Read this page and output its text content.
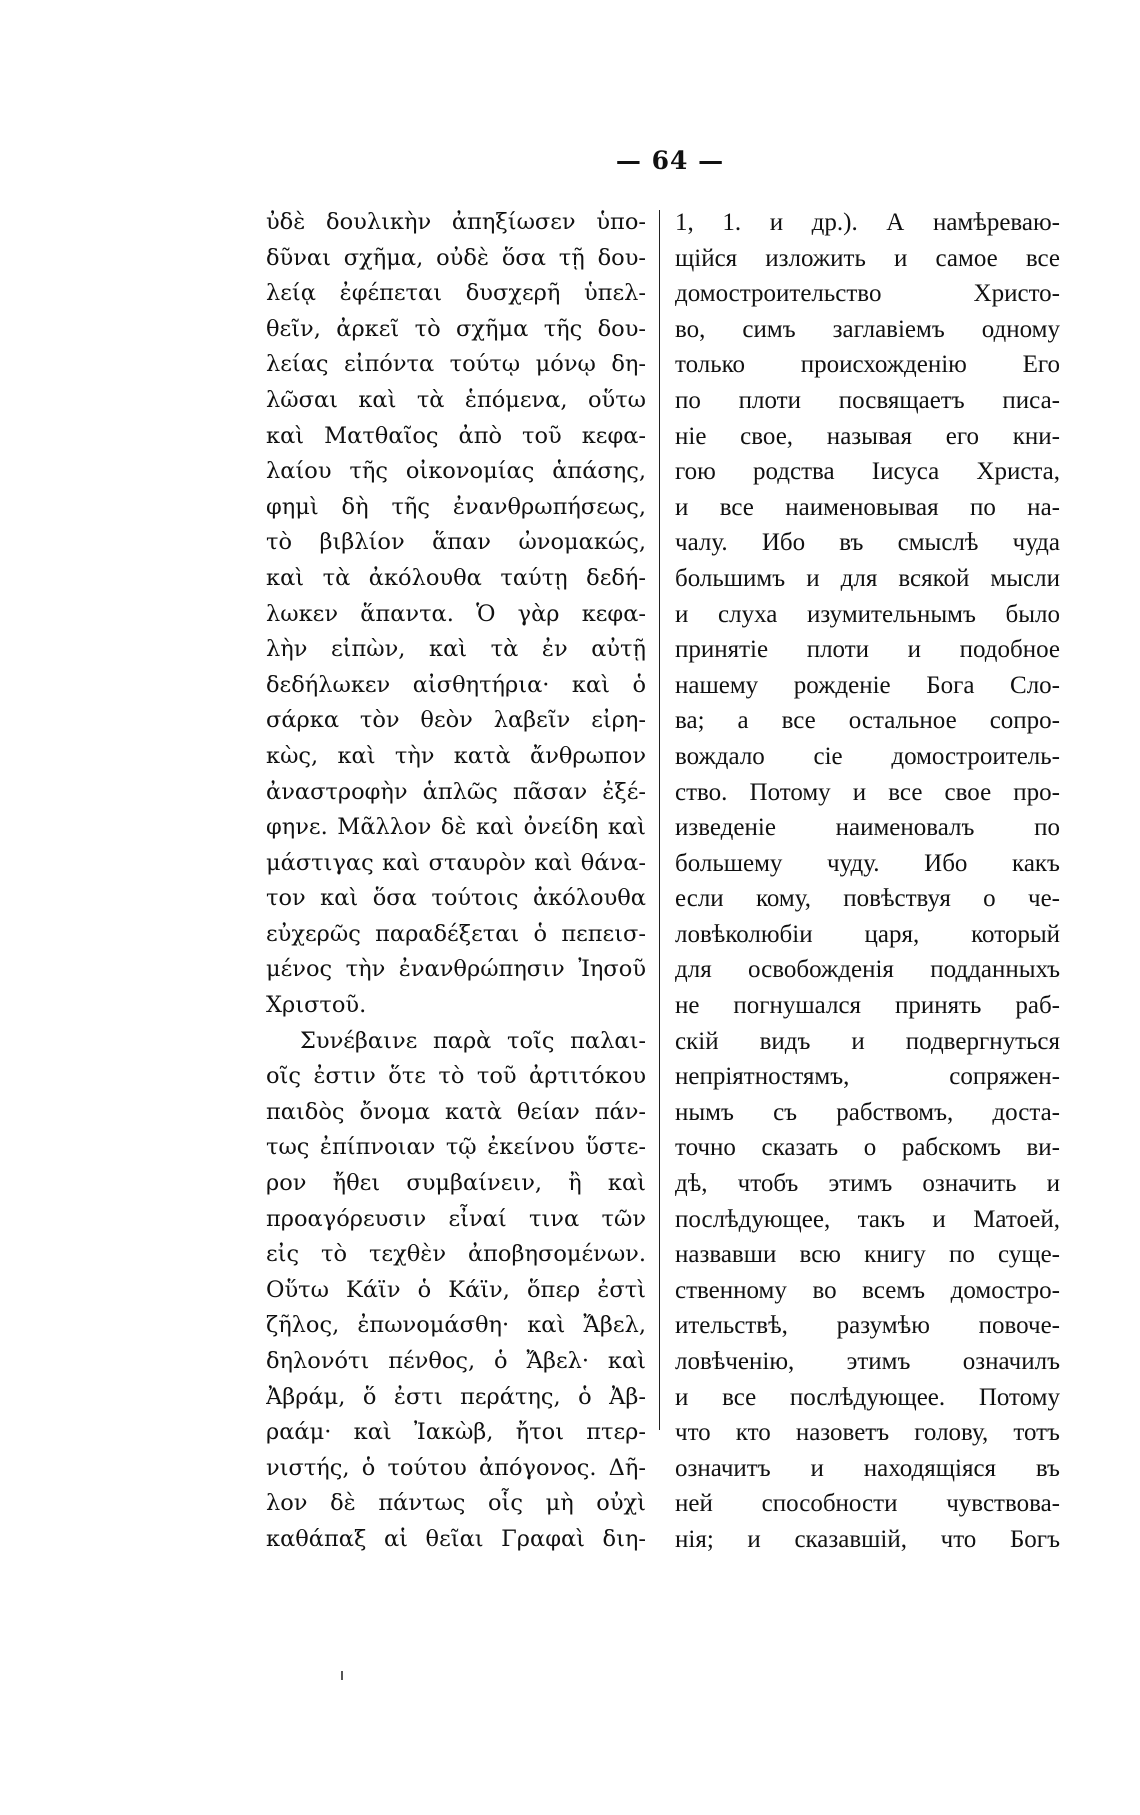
— 64 —
ὐδὲ δουλικὴν ἀπηξίωσεν ὑπο-
δῦναι σχῆμα, οὐδὲ ὅσα τῇ δου-
λείᾳ ἐφέπεται δυσχερῆ ὑπελ-
θεῖν, ἀρκεῖ τὸ σχῆμα τῆς δου-
λείας εἰπόντα τούτῳ μόνῳ δη-
λῶσαι καὶ τὰ ἑπόμενα, οὕτω
καὶ Ματθαῖος ἀπὸ τοῦ κεφα-
λαίου τῆς οἰκονομίας ἁπάσης,
φημὶ δὴ τῆς ἐνανθρωπήσεως,
τὸ βιβλίον ἅπαν ὠνομακώς,
καὶ τὰ ἀκόλουθα ταύτῃ δεδή-
λωκεν ἅπαντα. Ὁ γὰρ κεφα-
λὴν εἰπὼν, καὶ τὰ ἐν αὐτῇ
δεδήλωκεν αἰσθητήρια· καὶ ὁ
σάρκα τὸν θεὸν λαβεῖν εἰρη-
κὼς, καὶ τὴν κατὰ ἄνθρωπον
ἀναστροφὴν ἁπλῶς πᾶσαν ἐξέ-
φηνε. Μᾶλλον δὲ καὶ ὀνείδη καὶ
μάστιγας καὶ σταυρὸν καὶ θάνα-
τον καὶ ὅσα τούτοις ἀκόλουθα
εὐχερῶς παραδέξεται ὁ πεπεισ-
μένος τὴν ἐνανθρώπησιν Ἰησοῦ
Χριστοῦ.
Συνέβαινε παρὰ τοῖς παλαι-
οῖς ἐστιν ὅτε τὸ τοῦ ἀρτιτόκου
παιδὸς ὄνομα κατὰ θείαν πάν-
τως ἐπίπνοιαν τῷ ἐκείνου ὕστε-
ρον ἤθει συμβαίνειν, ἢ καὶ
προαγόρευσιν εἶναί τινα τῶν
εἰς τὸ τεχθὲν ἀποβησομένων.
Οὕτω Κάϊν ὁ Κάϊν, ὅπερ ἐστὶ
ζῆλος, ἐπωνομάσθη· καὶ Ἄβελ,
δηλονότι πένθος, ὁ Ἄβελ· καὶ
Ἀβράμ, ὅ ἐστι περάτης, ὁ Ἀβ-
ραάμ· καὶ Ἰακὼβ, ἤτοι πτερ-
νιστής, ὁ τούτου ἀπόγονος. Δῆ-
λον δὲ πάντως οἷς μὴ οὐχὶ
καθάπαξ αἱ θεῖαι Γραφαὶ διη-
1, 1. и др.). А намѣреваю-
щійся изложить и самое все
домостроительство Христо-
во, симъ заглавіемъ одному
только происхожденію Его
по плоти посвящаетъ писа-
ніе свое, называя его кни-
гою родства Іисуса Христа,
и все наименовывая по на-
чалу. Ибо въ смыслѣ чуда
большимъ и для всякой мысли
и слуха изумительнымъ было
принятіе плоти и подобное
нашему рожденіе Бога Сло-
ва; а все остальное сопро-
вождало сіе домостроитель-
ство. Потому и все свое про-
изведеніе наименовалъ по
большему чуду. Ибо какъ
если кому, повѣствуя о че-
ловѣколюбіи царя, который
для освобожденія подданныхъ
не погнушался принять раб-
скій видъ и подвергнуться
непріятностямъ, сопряжен-
нымъ съ рабствомъ, доста-
точно сказать о рабскомъ ви-
дѣ, чтобъ этимъ означить и
послѣдующее, такъ и Матоей,
назвавши всю книгу по суще-
ственному во всемъ домостро-
ительствѣ, разумѣю повоче-
ловѣченію, этимъ означилъ
и все послѣдующее. Потому
что кто назоветъ голову, тотъ
означитъ и находящіяся въ
ней способности чувствова-
нія; и сказавшій, что Богъ
